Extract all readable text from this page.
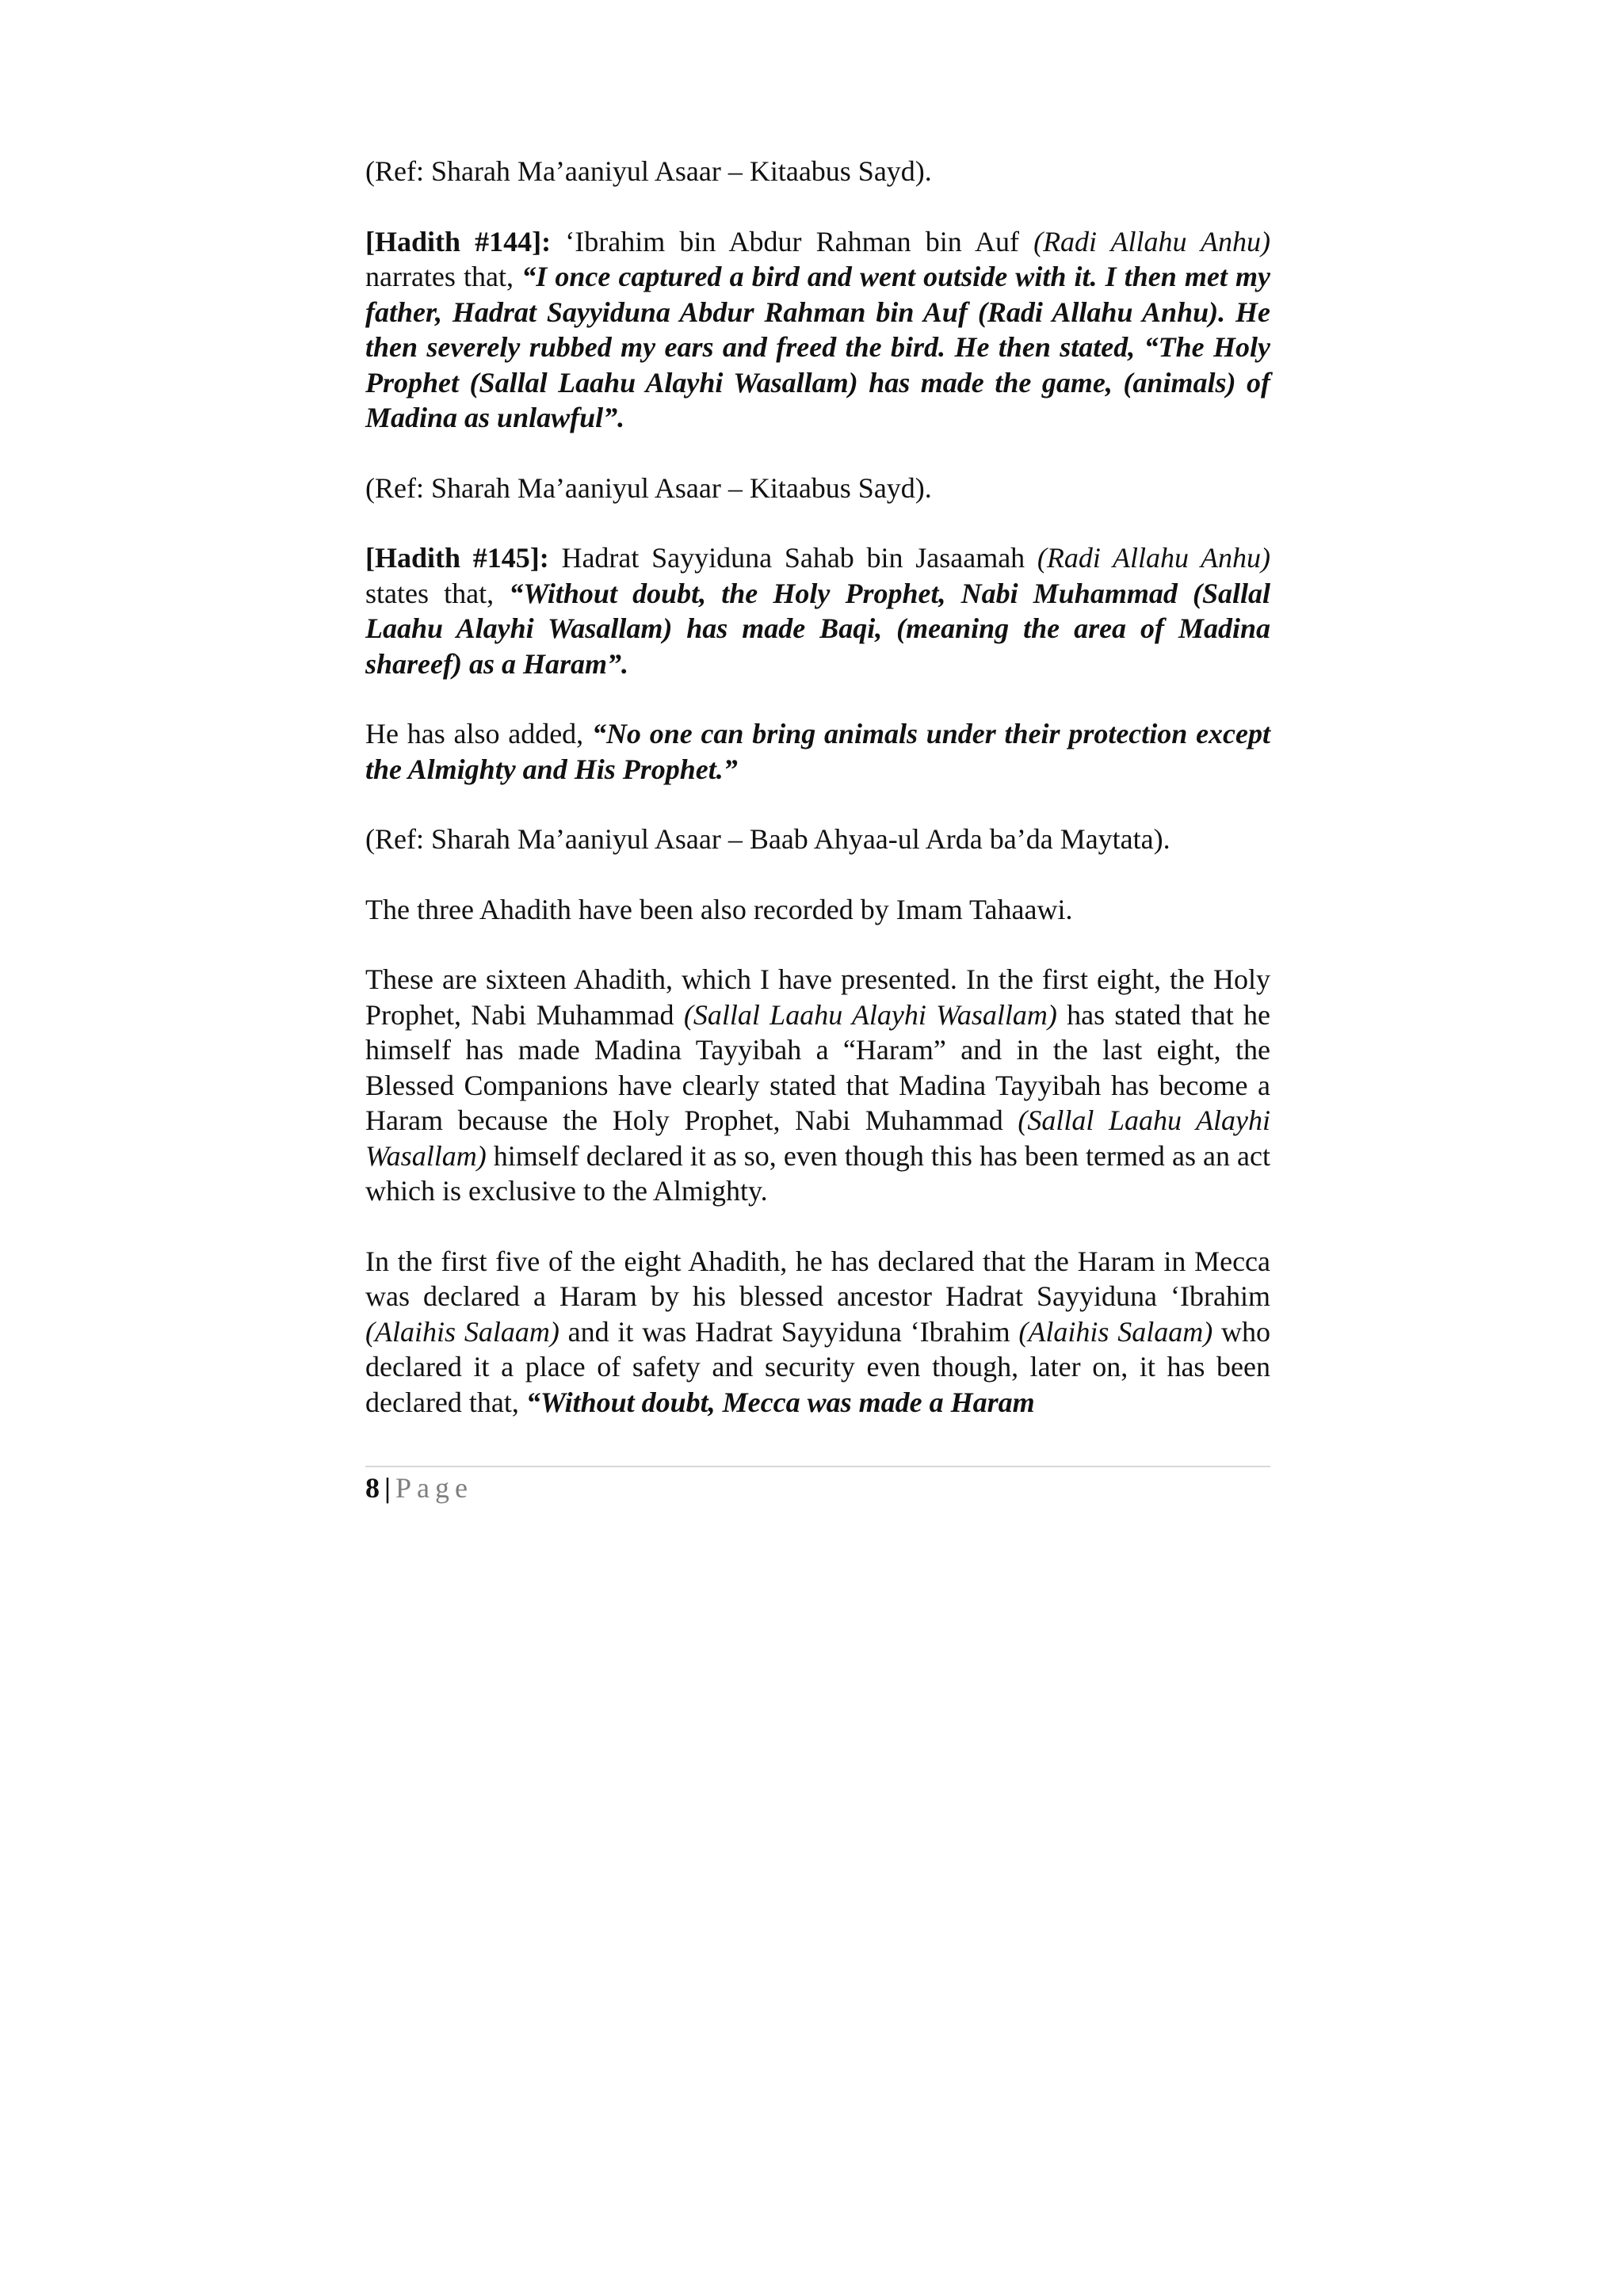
(Ref: Sharah Ma’aaniyul Asaar – Kitaabus Sayd).

[Hadith #144]: ‘Ibrahim bin Abdur Rahman bin Auf (Radi Allahu Anhu) narrates that, “I once captured a bird and went outside with it. I then met my father, Hadrat Sayyiduna Abdur Rahman bin Auf (Radi Allahu Anhu). He then severely rubbed my ears and freed the bird. He then stated, “The Holy Prophet (Sallal Laahu Alayhi Wasallam) has made the game, (animals) of Madina as unlawful”.

(Ref: Sharah Ma’aaniyul Asaar – Kitaabus Sayd).

[Hadith #145]: Hadrat Sayyiduna Sahab bin Jasaamah (Radi Allahu Anhu) states that, “Without doubt, the Holy Prophet, Nabi Muhammad (Sallal Laahu Alayhi Wasallam) has made Baqi, (meaning the area of Madina shareef) as a Haram”.

He has also added, “No one can bring animals under their protection except the Almighty and His Prophet.”

(Ref: Sharah Ma’aaniyul Asaar – Baab Ahyaa-ul Arda ba’da Maytata).

The three Ahadith have been also recorded by Imam Tahaawi.

These are sixteen Ahadith, which I have presented. In the first eight, the Holy Prophet, Nabi Muhammad (Sallal Laahu Alayhi Wasallam) has stated that he himself has made Madina Tayyibah a “Haram” and in the last eight, the Blessed Companions have clearly stated that Madina Tayyibah has become a Haram because the Holy Prophet, Nabi Muhammad (Sallal Laahu Alayhi Wasallam) himself declared it as so, even though this has been termed as an act which is exclusive to the Almighty.

In the first five of the eight Ahadith, he has declared that the Haram in Mecca was declared a Haram by his blessed ancestor Hadrat Sayyiduna ‘Ibrahim (Alaihis Salaam) and it was Hadrat Sayyiduna ‘Ibrahim (Alaihis Salaam) who declared it a place of safety and security even though, later on, it has been declared that, “Without doubt, Mecca was made a Haram

8 | Page
